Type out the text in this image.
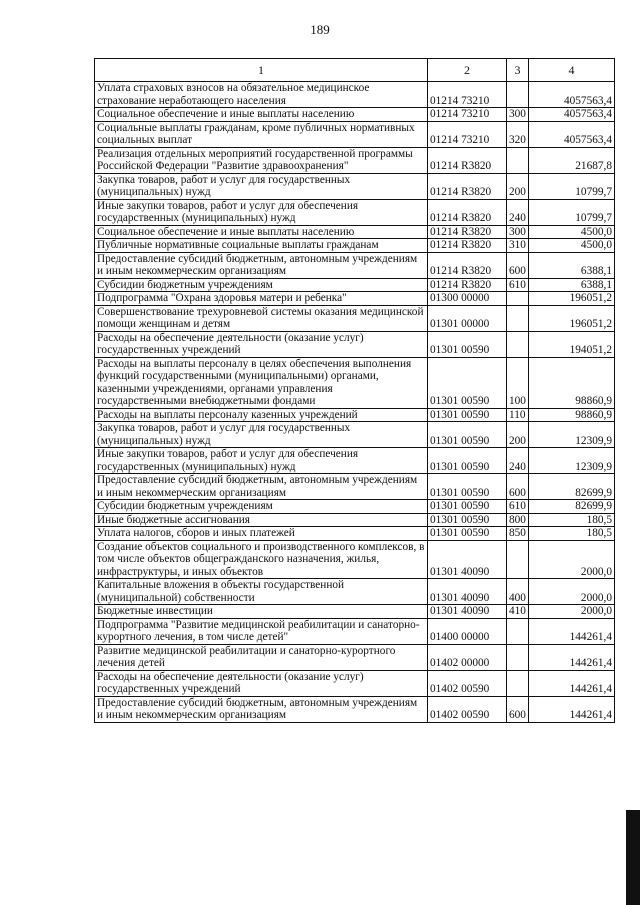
189
1	2	3	4
Уплата страховых взносов на обязательное медицинское страхование неработающего населения	01214 73210		4057563,4
Социальное обеспечение и иные выплаты населению	01214 73210	300	4057563,4
Социальные выплаты гражданам, кроме публичных нормативных социальных выплат	01214 73210	320	4057563,4
Реализация отдельных мероприятий государственной программы Российской Федерации "Развитие здравоохранения"	01214 R3820		21687,8
Закупка товаров, работ и услуг для государственных (муниципальных) нужд	01214 R3820	200	10799,7
Иные закупки товаров, работ и услуг для обеспечения государственных (муниципальных) нужд	01214 R3820	240	10799,7
Социальное обеспечение и иные выплаты населению	01214 R3820	300	4500,0
Публичные нормативные социальные выплаты гражданам	01214 R3820	310	4500,0
Предоставление субсидий бюджетным, автономным учреждениям и иным некоммерческим организациям	01214 R3820	600	6388,1
Субсидии бюджетным учреждениям	01214 R3820	610	6388,1
Подпрограмма "Охрана здоровья матери и ребенка"	01300 00000		196051,2
Совершенствование трехуровневой системы оказания медицинской помощи женщинам и детям	01301 00000		196051,2
Расходы на обеспечение деятельности (оказание услуг) государственных учреждений	01301 00590		194051,2
Расходы на выплаты персоналу в целях обеспечения выполнения функций государственными (муниципальными) органами, казенными учреждениями, органами управления государственными внебюджетными фондами	01301 00590	100	98860,9
Расходы на выплаты персоналу казенных учреждений	01301 00590	110	98860,9
Закупка товаров, работ и услуг для государственных (муниципальных) нужд	01301 00590	200	12309,9
Иные закупки товаров, работ и услуг для обеспечения государственных (муниципальных) нужд	01301 00590	240	12309,9
Предоставление субсидий бюджетным, автономным учреждениям и иным некоммерческим организациям	01301 00590	600	82699,9
Субсидии бюджетным учреждениям	01301 00590	610	82699,9
Иные бюджетные ассигнования	01301 00590	800	180,5
Уплата налогов, сборов и иных платежей	01301 00590	850	180,5
Создание объектов социального и производственного комплексов, в том числе объектов общегражданского назначения, жилья, инфраструктуры, и иных объектов	01301 40090		2000,0
Капитальные вложения в объекты государственной (муниципальной) собственности	01301 40090	400	2000,0
Бюджетные инвестиции	01301 40090	410	2000,0
Подпрограмма "Развитие медицинской реабилитации и санаторно-курортного лечения, в том числе детей"	01400 00000		144261,4
Развитие медицинской реабилитации и санаторно-курортного лечения детей	01402 00000		144261,4
Расходы на обеспечение деятельности (оказание услуг) государственных учреждений	01402 00590		144261,4
Предоставление субсидий бюджетным, автономным учреждениям и иным некоммерческим организациям	01402 00590	600	144261,4
